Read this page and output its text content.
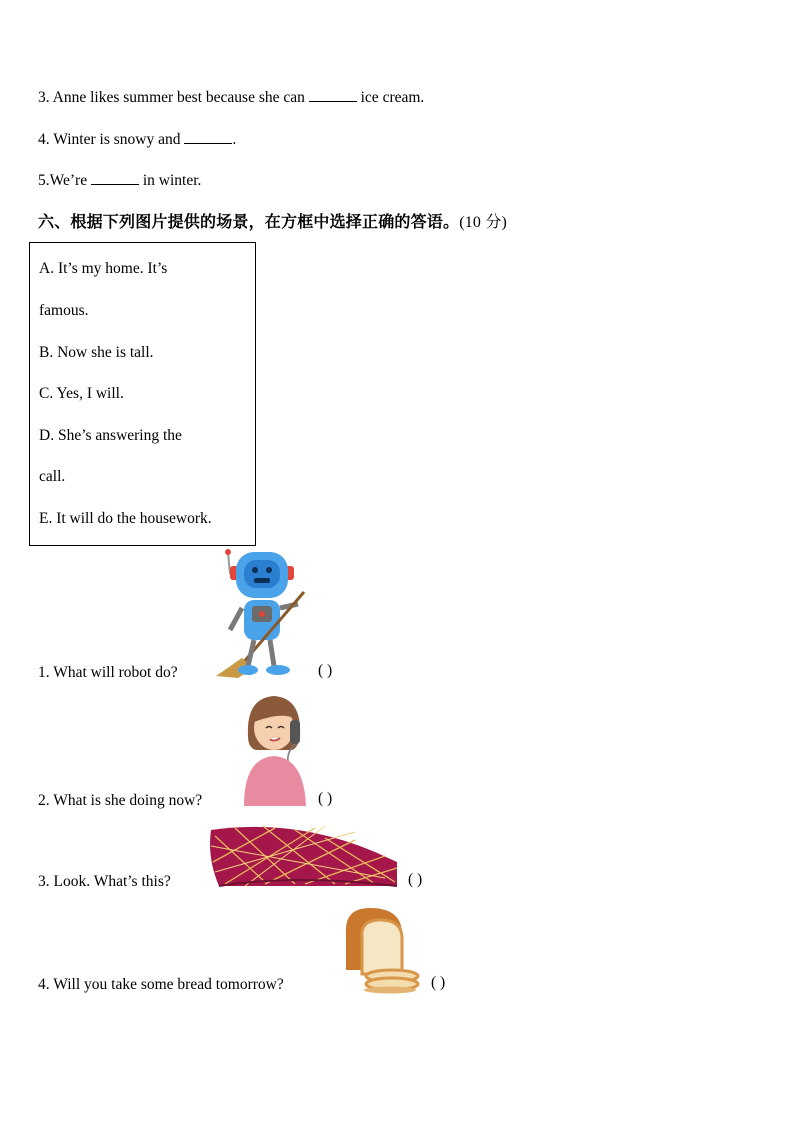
3. Anne likes summer best because she can	ice cream.
4. Winter is snowy and	.
5.We’re	in winter.
六、根据下列图片提供的场景，在方框中选择正确的答语。(10 分)
A. It’s my home. It’s
famous.
B. Now she is tall.
C. Yes, I will.
D. She’s answering the
call.
E. It will do the housework.
1. What will robot do?	( )
2. What is she doing now?	( )
3. Look. What’s this?	( )
4. Will you take some bread tomorrow?	( )
